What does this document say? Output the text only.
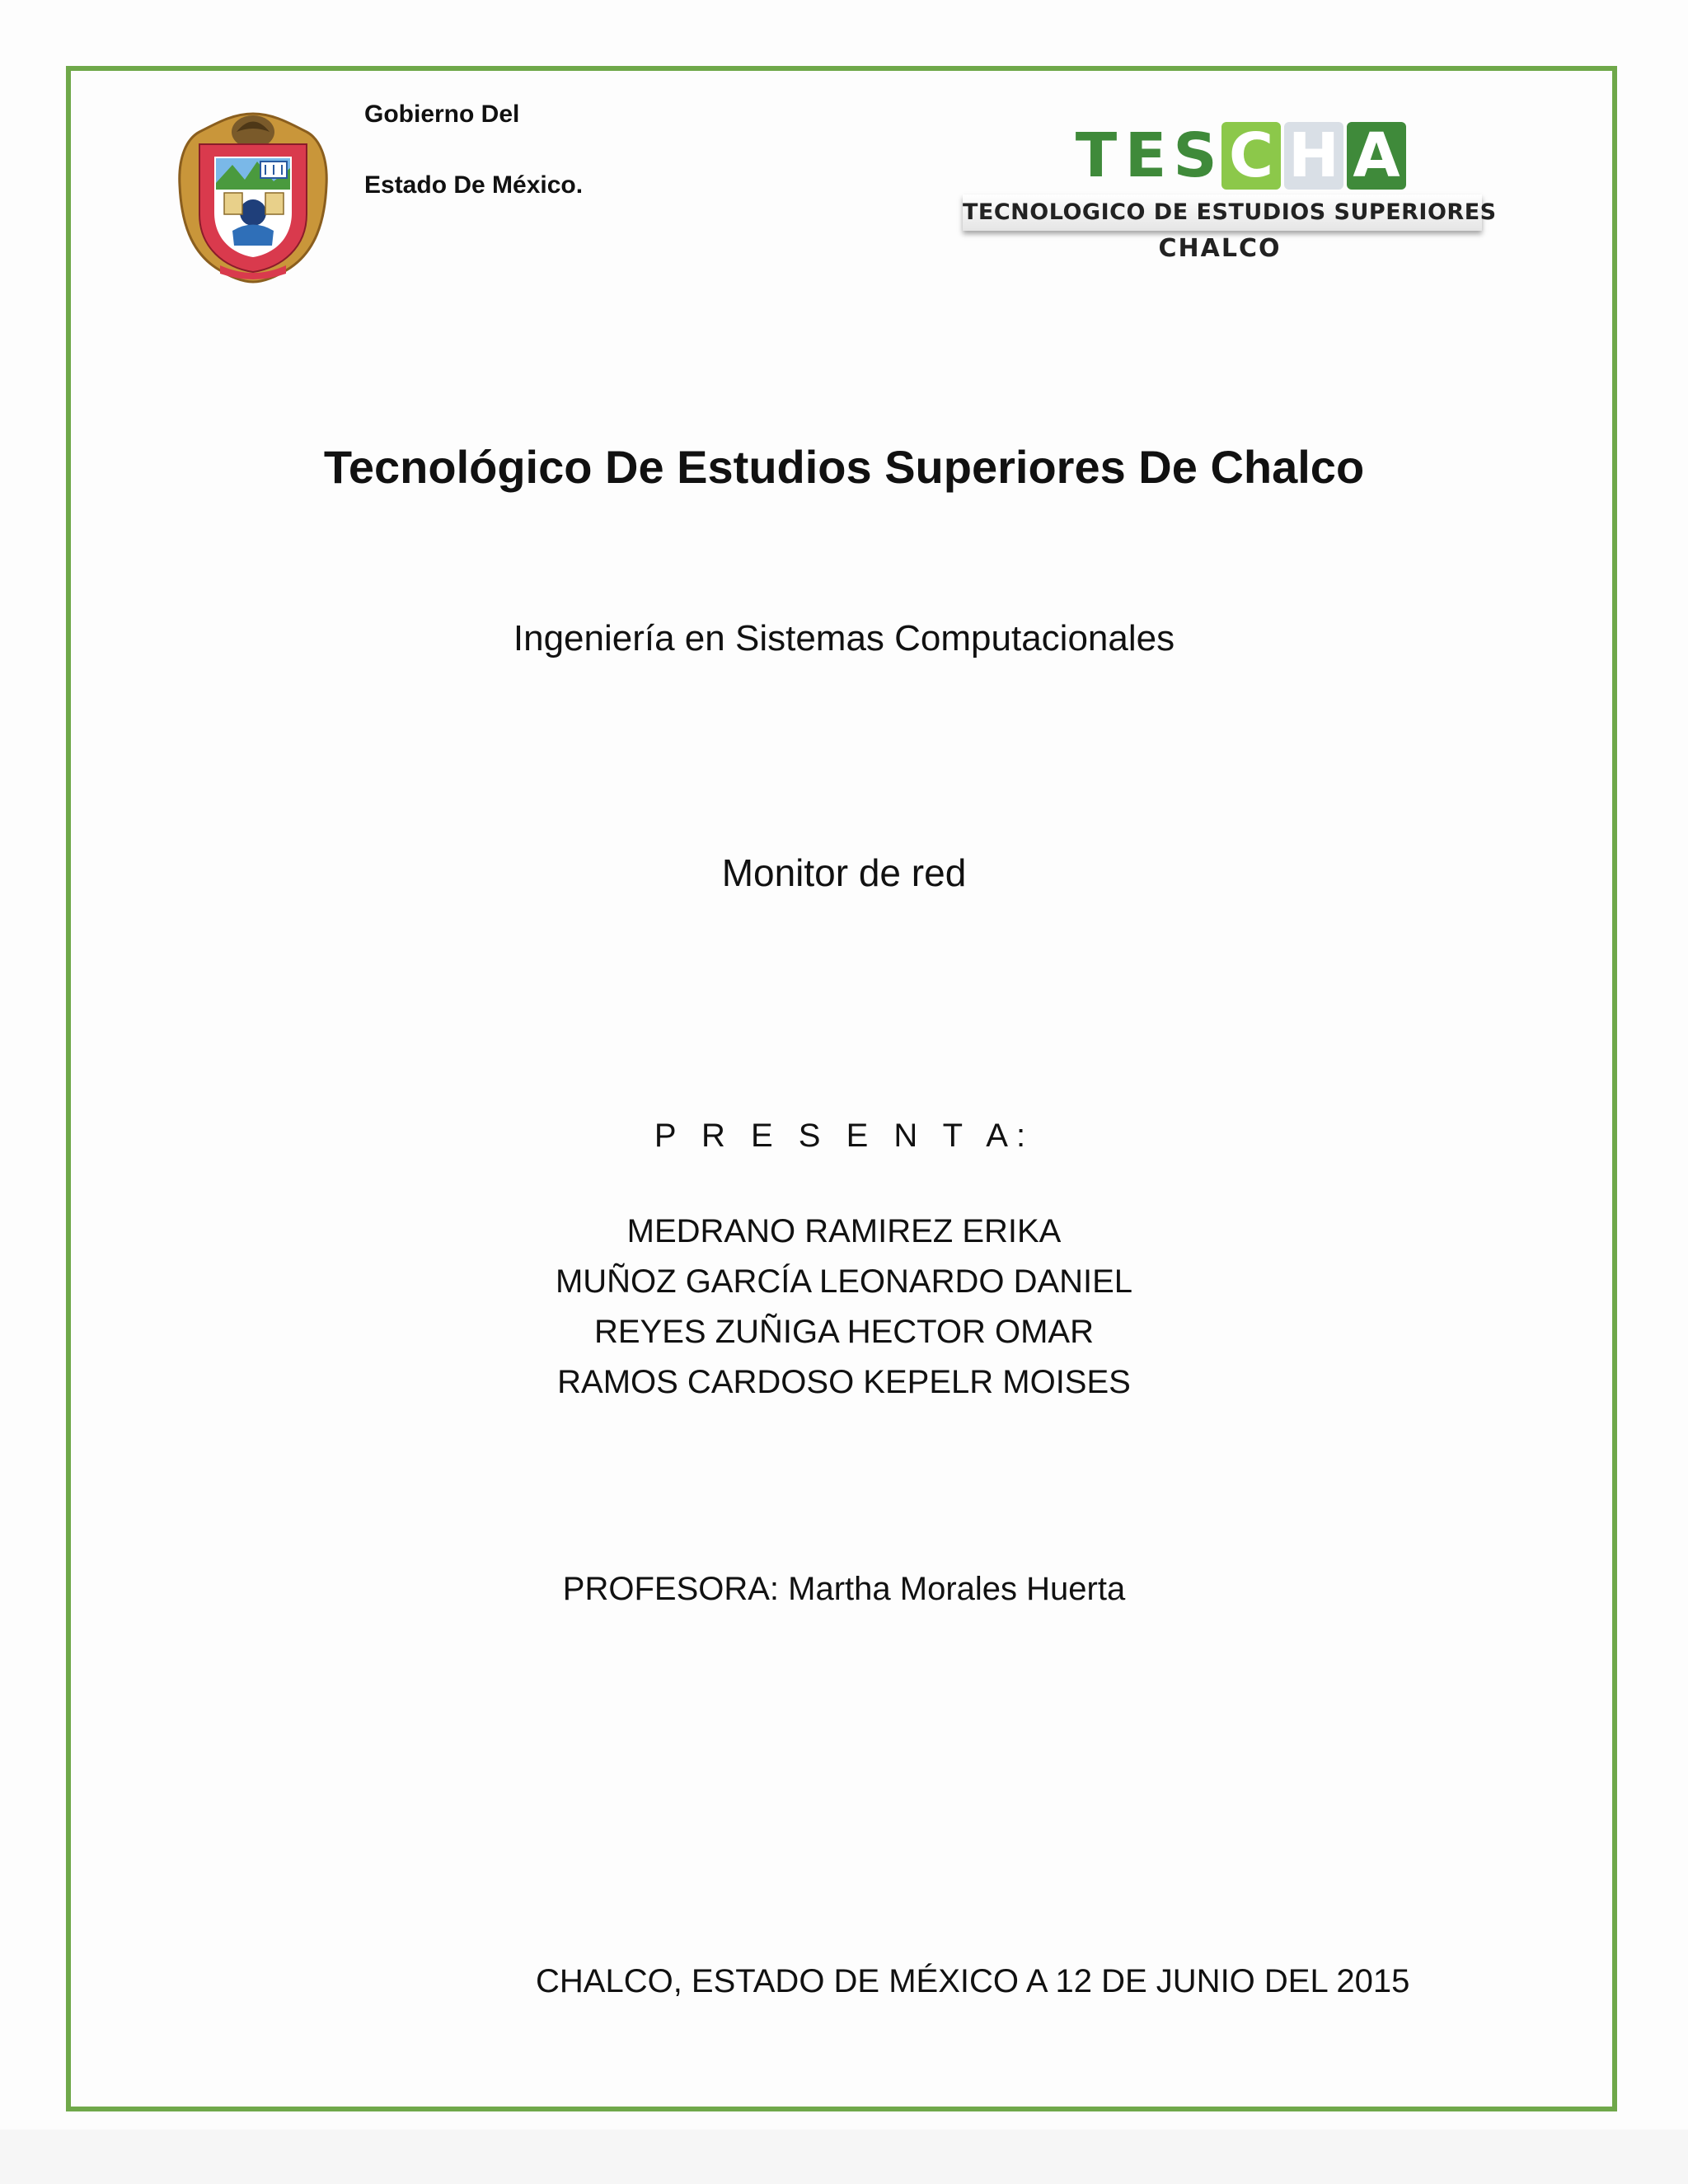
Gobierno Del
Estado De México.	T E S C H A
TECNOLOGICO DE ESTUDIOS SUPERIORES
CHALCO
Tecnológico De Estudios Superiores De Chalco
Ingeniería en Sistemas Computacionales
Monitor de red
P R E S E N T A:
MEDRANO RAMIREZ ERIKA
MUÑOZ GARCÍA LEONARDO DANIEL
REYES ZUÑIGA HECTOR OMAR
RAMOS CARDOSO KEPELR MOISES
PROFESORA: Martha Morales Huerta
CHALCO, ESTADO DE MÉXICO A 12 DE JUNIO DEL 2015
